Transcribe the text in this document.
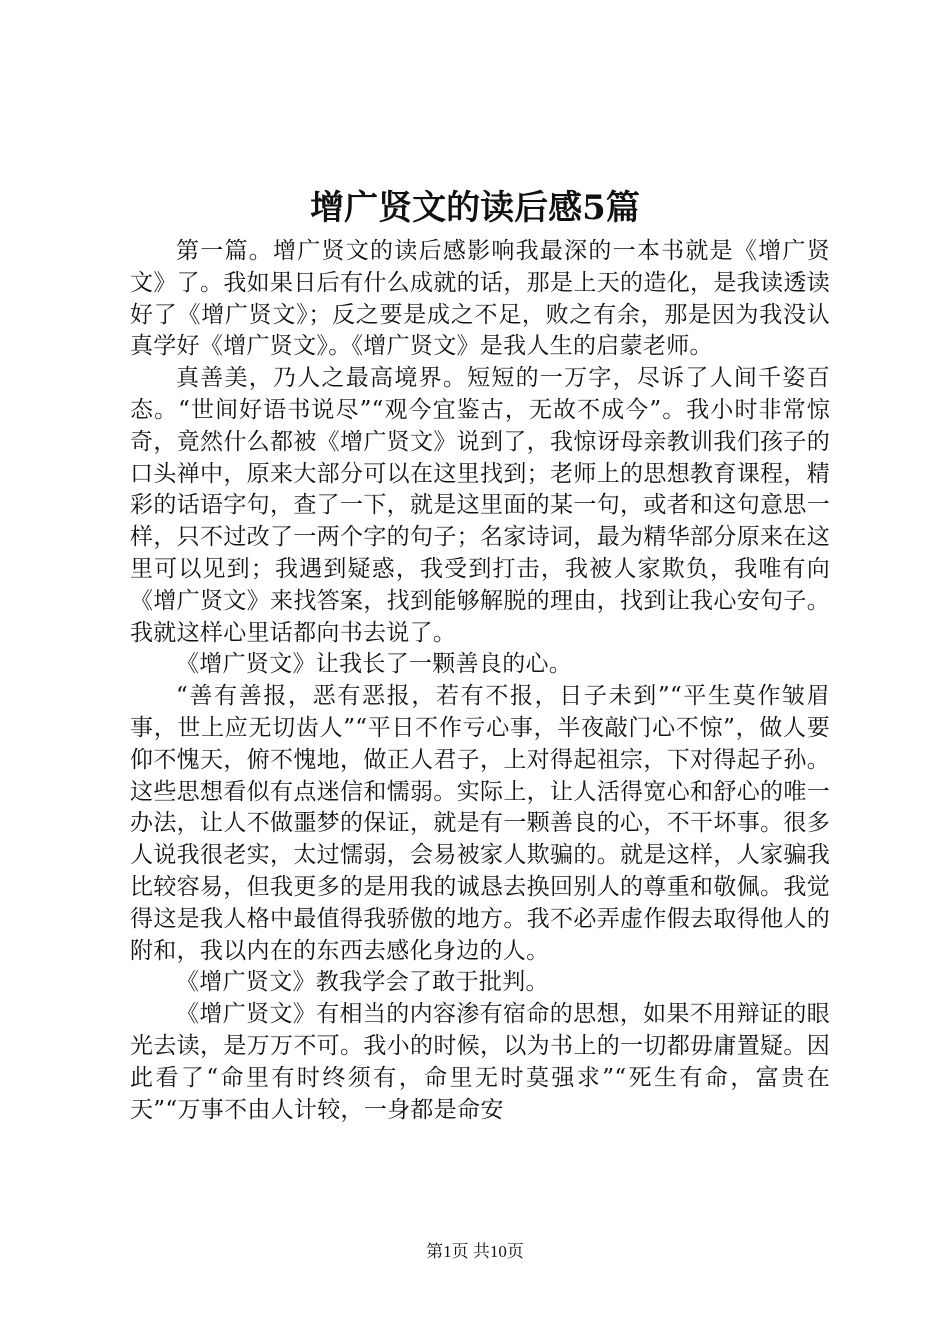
增广贤文的读后感5篇

第一篇。增广贤文的读后感影响我最深的一本书就是《增广贤文》了。我如果日后有什么成就的话，那是上天的造化，是我读透读好了《增广贤文》；反之要是成之不足，败之有余，那是因为我没认真学好《增广贤文》。《增广贤文》是我人生的启蒙老师。

真善美，乃人之最高境界。短短的一万字，尽诉了人间千姿百态。“世间好语书说尽”“观今宜鉴古，无故不成今”。我小时非常惊奇，竟然什么都被《增广贤文》说到了，我惊讶母亲教训我们孩子的口头禅中，原来大部分可以在这里找到；老师上的思想教育课程，精彩的话语字句，查了一下，就是这里面的某一句，或者和这句意思一样，只不过改了一两个字的句子；名家诗词，最为精华部分原来在这里可以见到；我遇到疑惑，我受到打击，我被人家欺负，我唯有向《增广贤文》来找答案，找到能够解脱的理由，找到让我心安句子。我就这样心里话都向书去说了。

《增广贤文》让我长了一颗善良的心。

“善有善报，恶有恶报，若有不报，日子未到”“平生莫作皱眉事，世上应无切齿人”“平日不作亏心事，半夜敲门心不惊”，做人要仰不愧天，俯不愧地，做正人君子，上对得起祖宗，下对得起子孙。这些思想看似有点迷信和懦弱。实际上，让人活得宽心和舒心的唯一办法，让人不做噩梦的保证，就是有一颗善良的心，不干坏事。很多人说我很老实，太过懦弱，会易被家人欺骗的。就是这样，人家骗我比较容易，但我更多的是用我的诚恳去换回别人的尊重和敬佩。我觉得这是我人格中最值得我骄傲的地方。我不必弄虚作假去取得他人的附和，我以内在的东西去感化身边的人。

《增广贤文》教我学会了敢于批判。

《增广贤文》有相当的内容渗有宿命的思想，如果不用辩证的眼光去读，是万万不可。我小的时候，以为书上的一切都毋庸置疑。因此看了“命里有时终须有，命里无时莫强求”“死生有命，富贵在天”“万事不由人计较，一身都是命安

第1页 共10页
